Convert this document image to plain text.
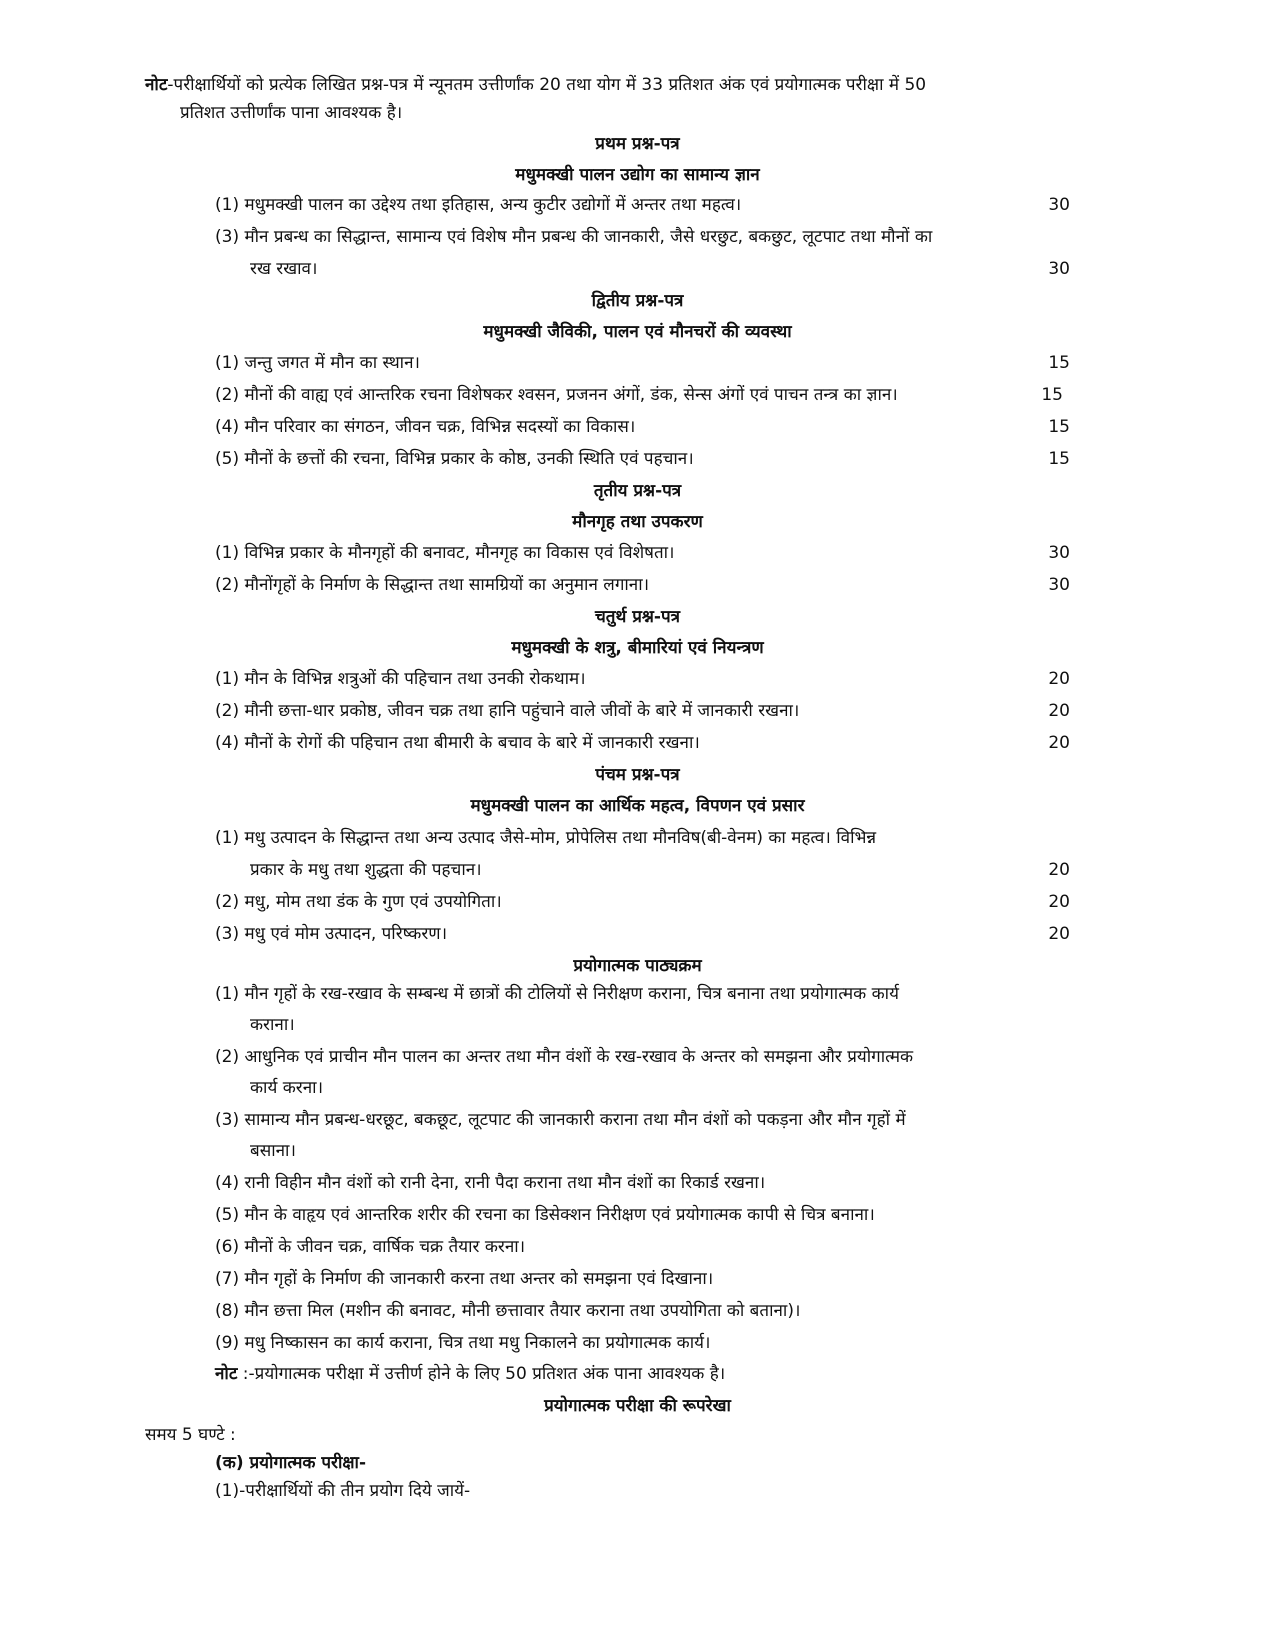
नोट-परीक्षार्थियों को प्रत्येक लिखित प्रश्न-पत्र में न्यूनतम उत्तीर्णांक 20 तथा योग में 33 प्रतिशत अंक एवं प्रयोगात्मक परीक्षा में 50
प्रतिशत उत्तीर्णांक पाना आवश्यक है।
प्रथम प्रश्न-पत्र
मधुमक्खी पालन उद्योग का सामान्य ज्ञान
(1) मधुमक्खी पालन का उद्देश्य तथा इतिहास, अन्य कुटीर उद्योगों में अन्तर तथा महत्व।	30
(3) मौन प्रबन्ध का सिद्धान्त, सामान्य एवं विशेष मौन प्रबन्ध की जानकारी, जैसे धरछुट, बकछुट, लूटपाट तथा मौनों का
रख रखाव।	30
द्वितीय प्रश्न-पत्र
मधुमक्खी जैविकी, पालन एवं मौनचरों की व्यवस्था
(1) जन्तु जगत में मौन का स्थान।	15
(2) मौनों की वाह्य एवं आन्तरिक रचना विशेषकर श्वसन, प्रजनन अंगों, डंक, सेन्स अंगों एवं पाचन तन्त्र का ज्ञान।	15
(4) मौन परिवार का संगठन, जीवन चक्र, विभिन्न सदस्यों का विकास।	15
(5) मौनों के छत्तों की रचना, विभिन्न प्रकार के कोष्ठ, उनकी स्थिति एवं पहचान।	15
तृतीय प्रश्न-पत्र
मौनगृह तथा उपकरण
(1) विभिन्न प्रकार के मौनगृहों की बनावट, मौनगृह का विकास एवं विशेषता।	30
(2) मौनोंगृहों के निर्माण के सिद्धान्त तथा सामग्रियों का अनुमान लगाना।	30
चतुर्थ प्रश्न-पत्र
मधुमक्खी के शत्रु, बीमारियां एवं नियन्त्रण
(1) मौन के विभिन्न शत्रुओं की पहिचान तथा उनकी रोकथाम।	20
(2) मौनी छत्ता-धार प्रकोष्ठ, जीवन चक्र तथा हानि पहुंचाने वाले जीवों के बारे में जानकारी रखना।	20
(4) मौनों के रोगों की पहिचान तथा बीमारी के बचाव के बारे में जानकारी रखना।	20
पंचम प्रश्न-पत्र
मधुमक्खी पालन का आर्थिक महत्व, विपणन एवं प्रसार
(1) मधु उत्पादन के सिद्धान्त तथा अन्य उत्पाद जैसे-मोम, प्रोपेलिस तथा मौनविष(बी-वेनम) का महत्व। विभिन्न
प्रकार के मधु तथा शुद्धता की पहचान।	20
(2) मधु, मोम तथा डंक के गुण एवं उपयोगिता।	20
(3) मधु एवं मोम उत्पादन, परिष्करण।	20
प्रयोगात्मक पाठ्यक्रम
(1) मौन गृहों के रख-रखाव के सम्बन्ध में छात्रों की टोलियों से निरीक्षण कराना, चित्र बनाना तथा प्रयोगात्मक कार्य
कराना।
(2) आधुनिक एवं प्राचीन मौन पालन का अन्तर तथा मौन वंशों के रख-रखाव के अन्तर को समझना और प्रयोगात्मक
कार्य करना।
(3) सामान्य मौन प्रबन्ध-धरछूट, बकछूट, लूटपाट की जानकारी कराना तथा मौन वंशों को पकड़ना और मौन गृहों में
बसाना।
(4) रानी विहीन मौन वंशों को रानी देना, रानी पैदा कराना तथा मौन वंशों का रिकार्ड रखना।
(5) मौन के वाहृय एवं आन्तरिक शरीर की रचना का डिसेक्शन निरीक्षण एवं प्रयोगात्मक कापी से चित्र बनाना।
(6) मौनों के जीवन चक्र, वार्षिक चक्र तैयार करना।
(7) मौन गृहों के निर्माण की जानकारी करना तथा अन्तर को समझना एवं दिखाना।
(8) मौन छत्ता मिल (मशीन की बनावट, मौनी छत्तावार तैयार कराना तथा उपयोगिता को बताना)।
(9) मधु निष्कासन का कार्य कराना, चित्र तथा मधु निकालने का प्रयोगात्मक कार्य।
नोट :-प्रयोगात्मक परीक्षा में उत्तीर्ण होने के लिए 50 प्रतिशत अंक पाना आवश्यक है।
प्रयोगात्मक परीक्षा की रूपरेखा
समय 5 घण्टे :
(क) प्रयोगात्मक परीक्षा-
(1)-परीक्षार्थियों की तीन प्रयोग दिये जायें-
